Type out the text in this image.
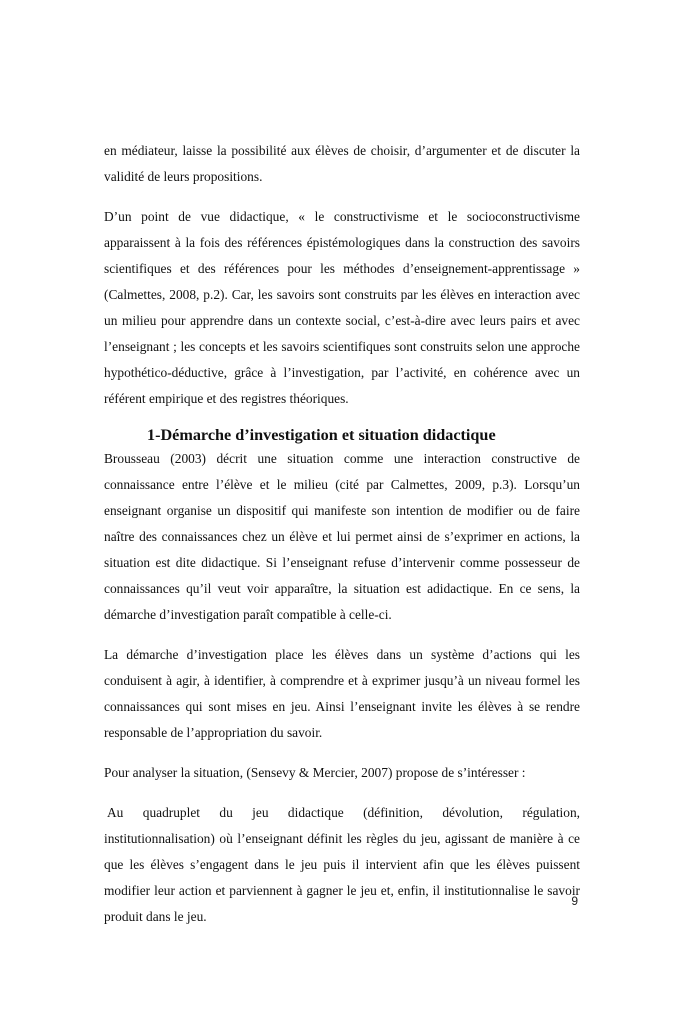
en médiateur, laisse la possibilité aux élèves de choisir, d’argumenter et de discuter la validité de leurs propositions.

D’un point de vue didactique, « le constructivisme et le socioconstructivisme apparaissent à la fois des références épistémologiques dans la construction des savoirs scientifiques et des références pour les méthodes d’enseignement-apprentissage » (Calmettes, 2008, p.2). Car, les savoirs sont construits par les élèves en interaction avec un milieu pour apprendre dans un contexte social, c’est-à-dire avec leurs pairs et avec l’enseignant ; les concepts et les savoirs scientifiques sont construits selon une approche hypothético-déductive, grâce à l’investigation, par l’activité, en cohérence avec un référent empirique et des registres théoriques.

1-Démarche d’investigation et situation didactique

Brousseau (2003) décrit une situation comme une interaction constructive de connaissance entre l’élève et le milieu (cité par Calmettes, 2009, p.3). Lorsqu’un enseignant organise un dispositif qui manifeste son intention de modifier ou de faire naître des connaissances chez un élève et lui permet ainsi de s’exprimer en actions, la situation est dite didactique. Si l’enseignant refuse d’intervenir comme possesseur de connaissances qu’il veut voir apparaître, la situation est adidactique. En ce sens, la démarche d’investigation paraît compatible à celle-ci.

La démarche d’investigation place les élèves dans un système d’actions qui les conduisent à agir, à identifier, à comprendre et à exprimer jusqu’à un niveau formel les connaissances qui sont mises en jeu. Ainsi l’enseignant invite les élèves à se rendre responsable de l’appropriation du savoir.

Pour analyser la situation, (Sensevy & Mercier, 2007) propose de s’intéresser :

Au quadruplet du jeu didactique (définition, dévolution, régulation, institutionnalisation) où l’enseignant définit les règles du jeu, agissant de manière à ce que les élèves s’engagent dans le jeu puis il intervient afin que les élèves puissent modifier leur action et parviennent à gagner le jeu et, enfin, il institutionnalise le savoir produit dans le jeu.

9
